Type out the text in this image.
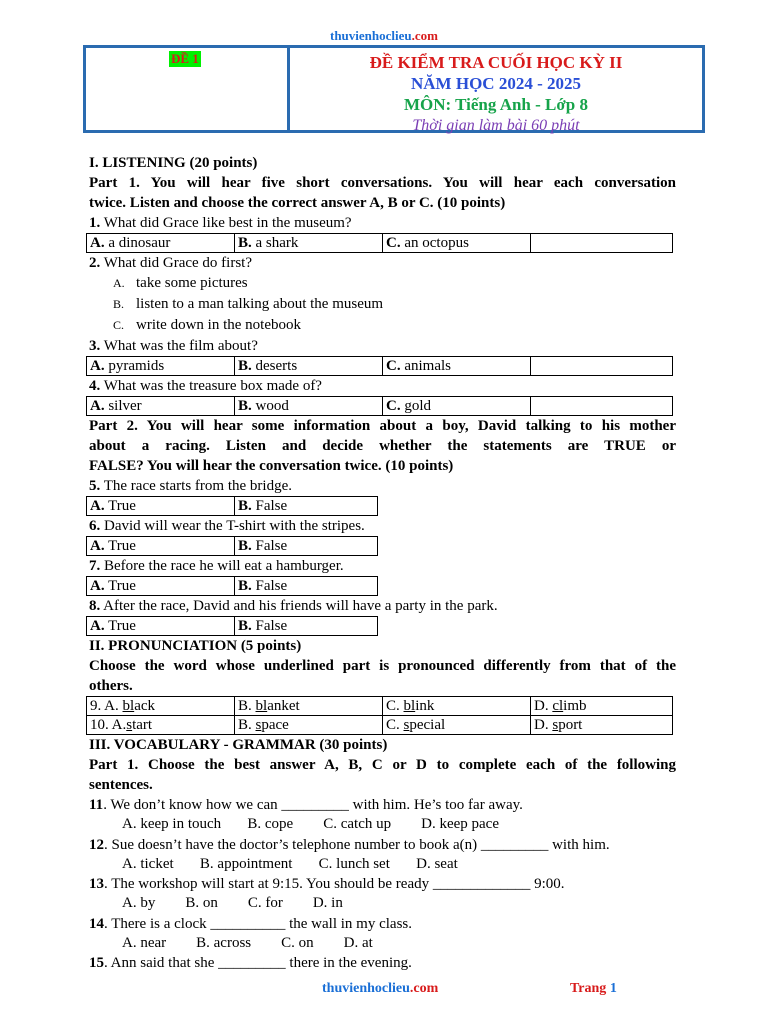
thuvienhoclieu.com
ĐỀ 1	ĐỀ KIỂM TRA CUỐI HỌC KỲ II
NĂM HỌC 2024 - 2025
MÔN: Tiếng Anh - Lớp 8
Thời gian làm bài 60 phút
I. LISTENING (20 points)
Part 1. You will hear five short conversations. You will hear each conversation
twice. Listen and choose the correct answer A, B or C. (10 points)
1. What did Grace like best in the museum?
A. a dinosaur	B. a shark	C. an octopus	
2. What did Grace do first?
A. take some pictures
B. listen to a man talking about the museum
C. write down in the notebook
3. What was the film about?
A. pyramids	B. deserts	C. animals	
4. What was the treasure box made of?
A. silver	B. wood	C. gold	
Part 2. You will hear some information about a boy, David talking to his mother
about a racing. Listen and decide whether the statements are TRUE or
FALSE? You will hear the conversation twice. (10 points)
5. The race starts from the bridge.
A. True	B. False
6. David will wear the T-shirt with the stripes.
A. True	B. False
7. Before the race he will eat a hamburger.
A. True	B. False
8. After the race, David and his friends will have a party in the park.
A. True	B. False
II. PRONUNCIATION (5 points)
Choose the word whose underlined part is pronounced differently from that of the
others.
9. A. black	B. blanket	C. blink	D. climb
10. A.start	B. space	C. special	D. sport
III. VOCABULARY - GRAMMAR (30 points)
Part 1. Choose the best answer A, B, C or D to complete each of the following
sentences.
11. We don’t know how we can _________ with him. He’s too far away.
A. keep in touch       B. cope        C. catch up        D. keep pace
12. Sue doesn’t have the doctor’s telephone number to book a(n) _________ with him.
A. ticket       B. appointment       C. lunch set       D. seat
13. The workshop will start at 9:15. You should be ready _____________ 9:00.
A. by        B. on        C. for        D. in
14. There is a clock __________ the wall in my class.
A. near        B. across        C. on        D. at
15. Ann said that she _________ there in the evening.
thuvienhoclieu.com	Trang 1
